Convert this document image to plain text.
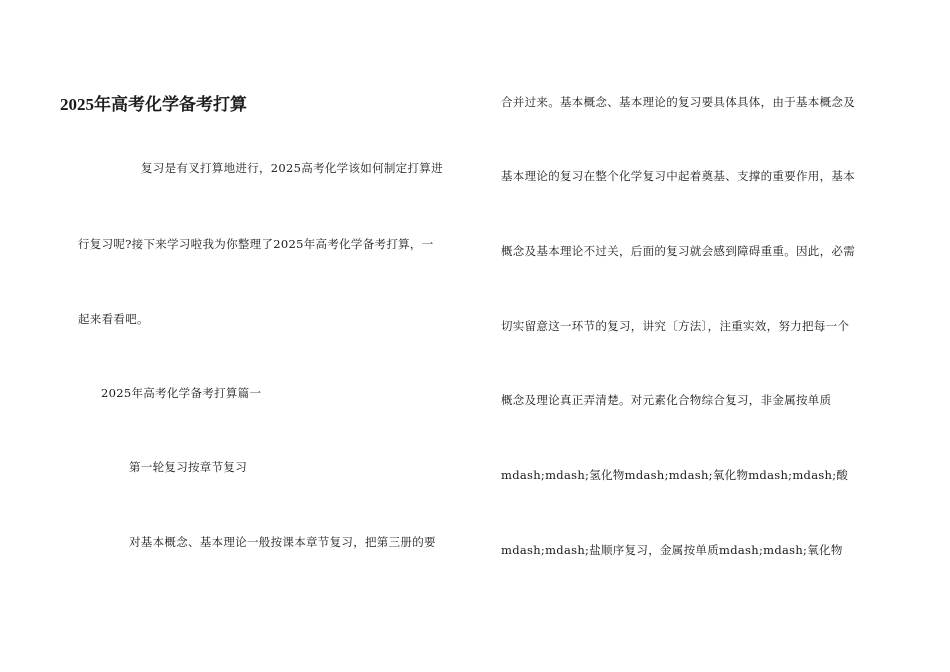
2025年高考化学备考打算
复习是有叉打算地进行，2025高考化学该如何制定打算进
行复习呢?接下来学习啦我为你整理了2025年高考化学备考打算，一
起来看看吧。
2025年高考化学备考打算篇一
第一轮复习按章节复习
对基本概念、基本理论一般按课本章节复习，把第三册的要
合并过来。基本概念、基本理论的复习要具体具体，由于基本概念及
基本理论的复习在整个化学复习中起着奠基、支撑的重要作用，基本
概念及基本理论不过关，后面的复习就会感到障碍重重。因此，必需
切实留意这一环节的复习，讲究〔方法〕，注重实效，努力把每一个
概念及理论真正弄清楚。对元素化合物综合复习，非金属按单质
mdash;mdash;氢化物mdash;mdash;氧化物mdash;mdash;酸
mdash;mdash;盐顺序复习，金属按单质mdash;mdash;氧化物
